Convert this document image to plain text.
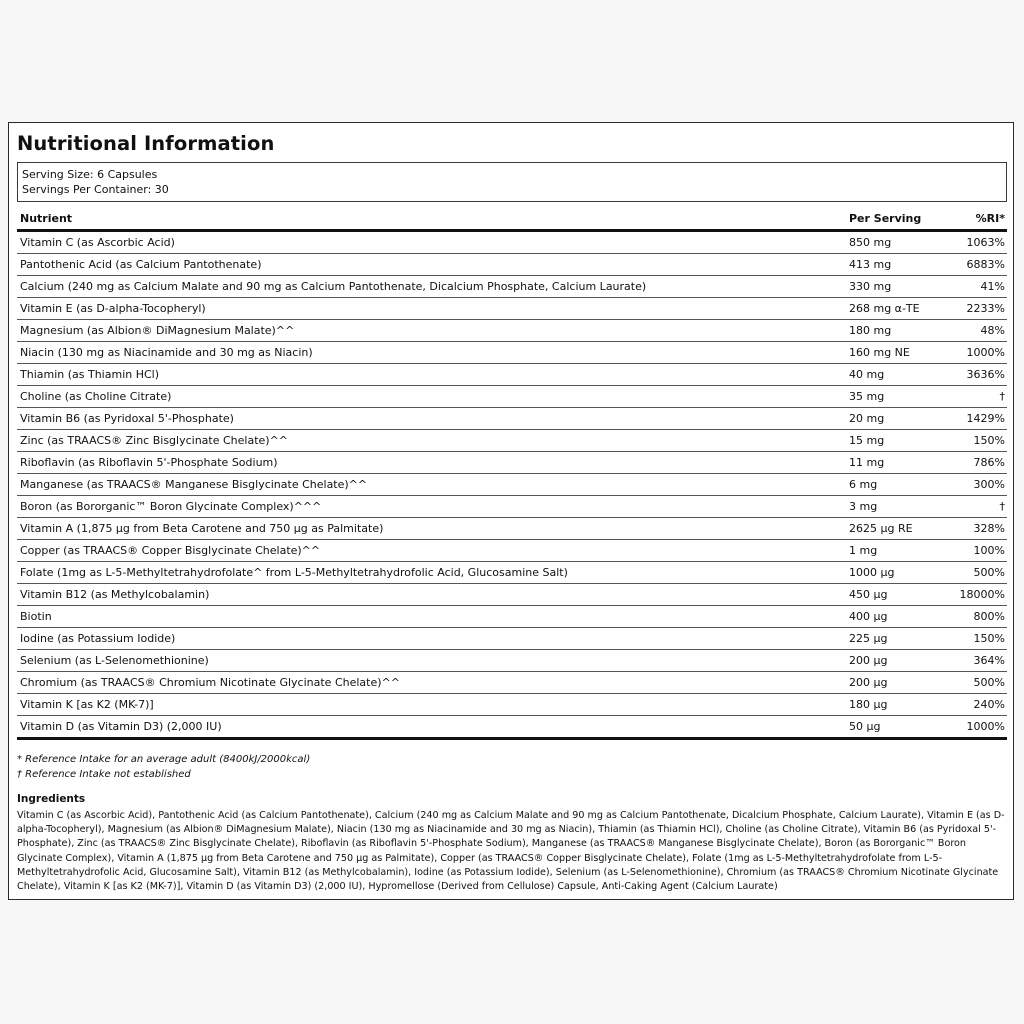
Nutritional Information
Serving Size: 6 Capsules
Servings Per Container: 30
Nutrient	Per Serving	%RI*
Vitamin C (as Ascorbic Acid)	850 mg	1063%
Pantothenic Acid (as Calcium Pantothenate)	413 mg	6883%
Calcium (240 mg as Calcium Malate and 90 mg as Calcium Pantothenate, Dicalcium Phosphate, Calcium Laurate)	330 mg	41%
Vitamin E (as D-alpha-Tocopheryl)	268 mg α-TE	2233%
Magnesium (as Albion® DiMagnesium Malate)^^	180 mg	48%
Niacin (130 mg as Niacinamide and 30 mg as Niacin)	160 mg NE	1000%
Thiamin (as Thiamin HCl)	40 mg	3636%
Choline (as Choline Citrate)	35 mg	†
Vitamin B6 (as Pyridoxal 5'-Phosphate)	20 mg	1429%
Zinc (as TRAACS® Zinc Bisglycinate Chelate)^^	15 mg	150%
Riboflavin (as Riboflavin 5'-Phosphate Sodium)	11 mg	786%
Manganese (as TRAACS® Manganese Bisglycinate Chelate)^^	6 mg	300%
Boron (as Bororganic™ Boron Glycinate Complex)^^^	3 mg	†
Vitamin A (1,875 µg from Beta Carotene and 750 µg as Palmitate)	2625 µg RE	328%
Copper (as TRAACS® Copper Bisglycinate Chelate)^^	1 mg	100%
Folate (1mg as L-5-Methyltetrahydrofolate^ from L-5-Methyltetrahydrofolic Acid, Glucosamine Salt)	1000 µg	500%
Vitamin B12 (as Methylcobalamin)	450 µg	18000%
Biotin	400 µg	800%
Iodine (as Potassium Iodide)	225 µg	150%
Selenium (as L-Selenomethionine)	200 µg	364%
Chromium (as TRAACS® Chromium Nicotinate Glycinate Chelate)^^	200 µg	500%
Vitamin K [as K2 (MK-7)]	180 µg	240%
Vitamin D (as Vitamin D3) (2,000 IU)	50 µg	1000%
* Reference Intake for an average adult (8400kJ/2000kcal)
† Reference Intake not established
Ingredients

Vitamin C (as Ascorbic Acid), Pantothenic Acid (as Calcium Pantothenate), Calcium (240 mg as Calcium Malate and 90 mg as Calcium Pantothenate, Dicalcium Phosphate, Calcium Laurate), Vitamin E (as D-alpha-Tocopheryl), Magnesium (as Albion® DiMagnesium Malate), Niacin (130 mg as Niacinamide and 30 mg as Niacin), Thiamin (as Thiamin HCl), Choline (as Choline Citrate), Vitamin B6 (as Pyridoxal 5'-Phosphate), Zinc (as TRAACS® Zinc Bisglycinate Chelate), Riboflavin (as Riboflavin 5'-Phosphate Sodium), Manganese (as TRAACS® Manganese Bisglycinate Chelate), Boron (as Bororganic™ Boron Glycinate Complex), Vitamin A (1,875 µg from Beta Carotene and 750 µg as Palmitate), Copper (as TRAACS® Copper Bisglycinate Chelate), Folate (1mg as L-5-Methyltetrahydrofolate from L-5-Methyltetrahydrofolic Acid, Glucosamine Salt), Vitamin B12 (as Methylcobalamin), Iodine (as Potassium Iodide), Selenium (as L-Selenomethionine), Chromium (as TRAACS® Chromium Nicotinate Glycinate Chelate), Vitamin K [as K2 (MK-7)], Vitamin D (as Vitamin D3) (2,000 IU), Hypromellose (Derived from Cellulose) Capsule, Anti-Caking Agent (Calcium Laurate)
